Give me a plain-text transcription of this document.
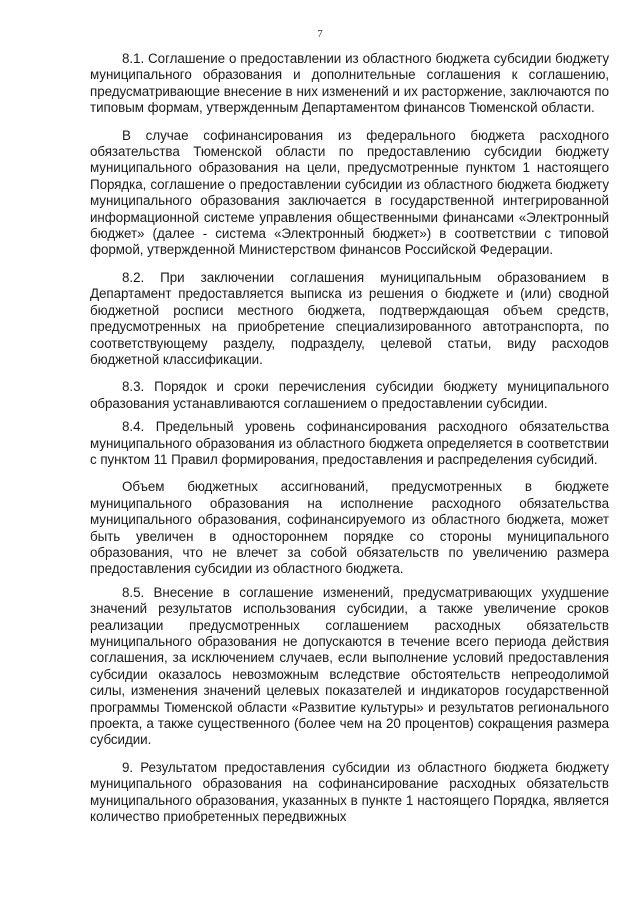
7

8.1. Соглашение о предоставлении из областного бюджета субсидии бюджету муниципального образования и дополнительные соглашения к соглашению, предусматривающие внесение в них изменений и их расторжение, заключаются по типовым формам, утвержденным Департаментом финансов Тюменской области.

В случае софинансирования из федерального бюджета расходного обязательства Тюменской области по предоставлению субсидии бюджету муниципального образования на цели, предусмотренные пунктом 1 настоящего Порядка, соглашение о предоставлении субсидии из областного бюджета бюджету муниципального образования заключается в государственной интегрированной информационной системе управления общественными финансами «Электронный бюджет» (далее - система «Электронный бюджет») в соответствии с типовой формой, утвержденной Министерством финансов Российской Федерации.

8.2. При заключении соглашения муниципальным образованием в Департамент предоставляется выписка из решения о бюджете и (или) сводной бюджетной росписи местного бюджета, подтверждающая объем средств, предусмотренных на приобретение специализированного автотранспорта, по соответствующему разделу, подразделу, целевой статьи, виду расходов бюджетной классификации.

8.3. Порядок и сроки перечисления субсидии бюджету муниципального образования устанавливаются соглашением о предоставлении субсидии.

8.4. Предельный уровень софинансирования расходного обязательства муниципального образования из областного бюджета определяется в соответствии с пунктом 11 Правил формирования, предоставления и распределения субсидий.

Объем бюджетных ассигнований, предусмотренных в бюджете муниципального образования на исполнение расходного обязательства муниципального образования, софинансируемого из областного бюджета, может быть увеличен в одностороннем порядке со стороны муниципального образования, что не влечет за собой обязательств по увеличению размера предоставления субсидии из областного бюджета.

8.5. Внесение в соглашение изменений, предусматривающих ухудшение значений результатов использования субсидии, а также увеличение сроков реализации предусмотренных соглашением расходных обязательств муниципального образования не допускаются в течение всего периода действия соглашения, за исключением случаев, если выполнение условий предоставления субсидии оказалось невозможным вследствие обстоятельств непреодолимой силы, изменения значений целевых показателей и индикаторов государственной программы Тюменской области «Развитие культуры» и результатов регионального проекта, а также существенного (более чем на 20 процентов) сокращения размера субсидии.

9. Результатом предоставления субсидии из областного бюджета бюджету муниципального образования на софинансирование расходных обязательств муниципального образования, указанных в пункте 1 настоящего Порядка, является количество приобретенных передвижных
